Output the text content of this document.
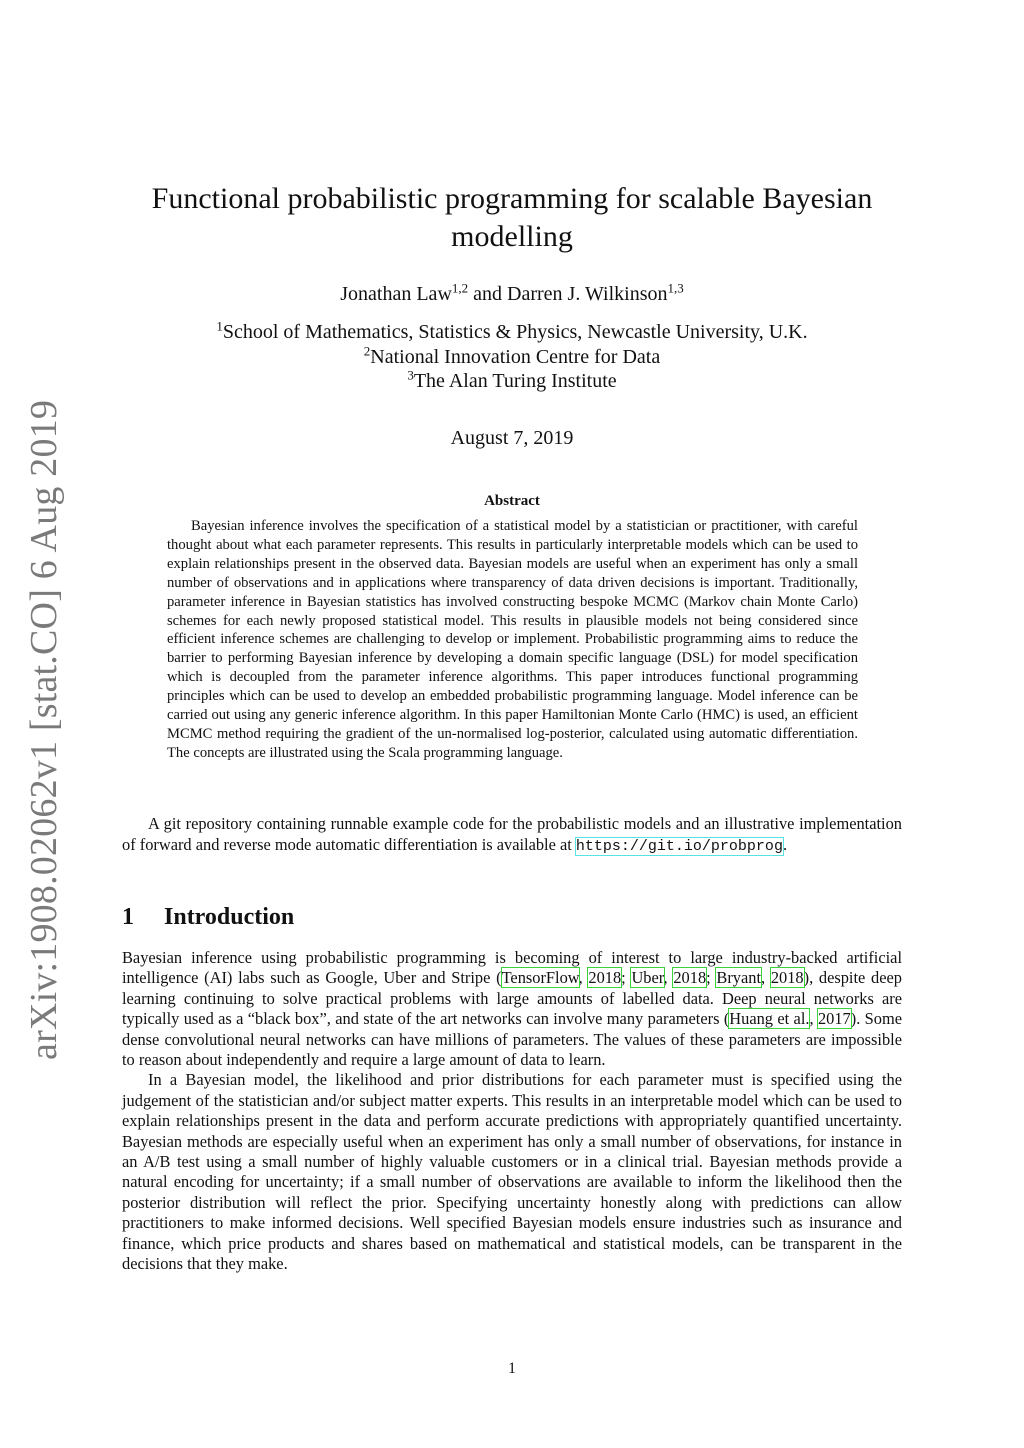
arXiv:1908.02062v1 [stat.CO] 6 Aug 2019
Functional probabilistic programming for scalable Bayesian
modelling
Jonathan Law$^{1,2}$ and Darren J. Wilkinson$^{1,3}$
$^1$School of Mathematics, Statistics & Physics, Newcastle University, U.K.
$^2$National Innovation Centre for Data
$^3$The Alan Turing Institute
August 7, 2019
Abstract
Bayesian inference involves the specification of a statistical model by a statistician or practitioner, with careful thought about what each parameter represents. This results in particularly interpretable models which can be used to explain relationships present in the observed data. Bayesian models are useful when an experiment has only a small number of observations and in applications where transparency of data driven decisions is important. Traditionally, parameter inference in Bayesian statistics has involved constructing bespoke MCMC (Markov chain Monte Carlo) schemes for each newly proposed statistical model. This results in plausible models not being considered since efficient inference schemes are challenging to develop or implement. Probabilistic programming aims to reduce the barrier to performing Bayesian inference by developing a domain specific language (DSL) for model specification which is decoupled from the parameter inference algorithms. This paper introduces functional programming principles which can be used to develop an embedded probabilistic programming language. Model inference can be carried out using any generic inference algorithm. In this paper Hamiltonian Monte Carlo (HMC) is used, an efficient MCMC method requiring the gradient of the un-normalised log-posterior, calculated using automatic differentiation. The concepts are illustrated using the Scala programming language.
A git repository containing runnable example code for the probabilistic models and an illustrative implementation of forward and reverse mode automatic differentiation is available at https://git.io/probprog.
1 Introduction

Bayesian inference using probabilistic programming is becoming of interest to large industry-backed artificial intelligence (AI) labs such as Google, Uber and Stripe (TensorFlow, 2018; Uber, 2018; Bryant, 2018), despite deep learning continuing to solve practical problems with large amounts of labelled data. Deep neural networks are typically used as a “black box”, and state of the art networks can involve many parameters (Huang et al., 2017). Some dense convolutional neural networks can have millions of parameters. The values of these parameters are impossible to reason about independently and require a large amount of data to learn.

In a Bayesian model, the likelihood and prior distributions for each parameter must is specified using the judgement of the statistician and/or subject matter experts. This results in an interpretable model which can be used to explain relationships present in the data and perform accurate predictions with appropriately quantified uncertainty. Bayesian methods are especially useful when an experiment has only a small number of observations, for instance in an A/B test using a small number of highly valuable customers or in a clinical trial. Bayesian methods provide a natural encoding for uncertainty; if a small number of observations are available to inform the likelihood then the posterior distribution will reflect the prior. Specifying uncertainty honestly along with predictions can allow practitioners to make informed decisions. Well specified Bayesian models ensure industries such as insurance and finance, which price products and shares based on mathematical and statistical models, can be transparent in the decisions that they make.

1
